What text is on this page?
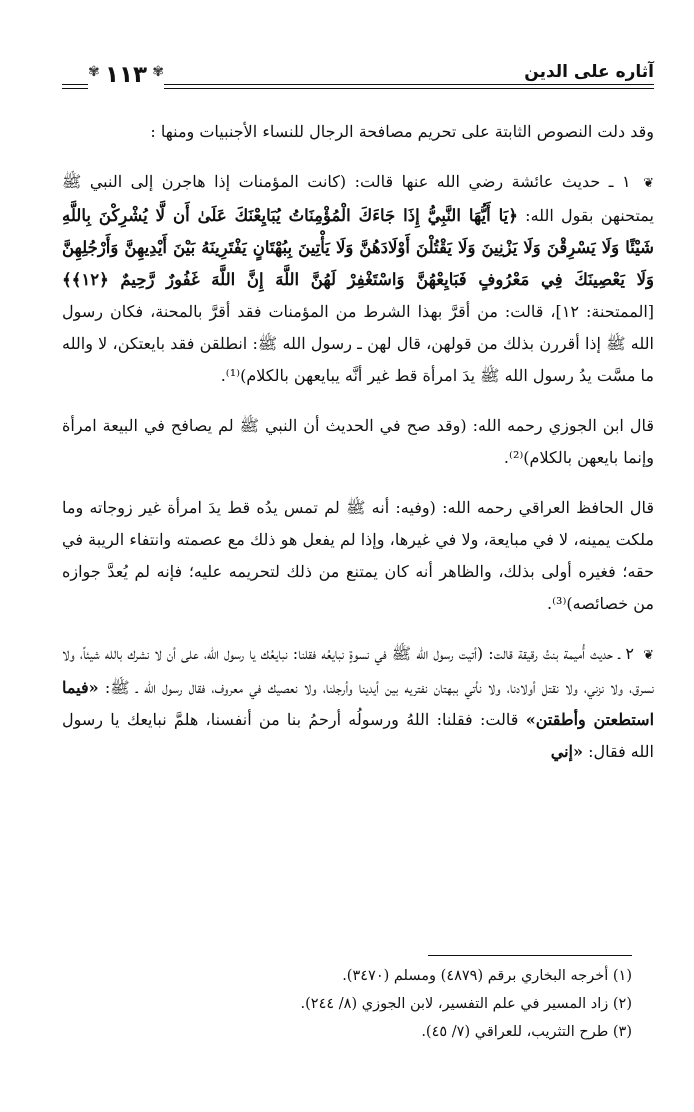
✾ ١١٣ ✾	آثاره على الدين

وقد دلت النصوص الثابتة على تحريم مصافحة الرجال للنساء الأجنبيات ومنها :

❦ ١ ـ حديث عائشة رضي الله عنها قالت: (كانت المؤمنات إذا هاجرن إلى النبي ﷺ يمتحنهن بقول الله: ﴿يَا أَيُّهَا النَّبِيُّ إِذَا جَاءَكَ الْمُؤْمِنَاتُ يُبَايِعْنَكَ عَلَىٰ أَن لَّا يُشْرِكْنَ بِاللَّهِ شَيْئًا وَلَا يَسْرِقْنَ وَلَا يَزْنِينَ وَلَا يَقْتُلْنَ أَوْلَادَهُنَّ وَلَا يَأْتِينَ بِبُهْتَانٍ يَفْتَرِينَهُ بَيْنَ أَيْدِيهِنَّ وَأَرْجُلِهِنَّ وَلَا يَعْصِينَكَ فِي مَعْرُوفٍ فَبَايِعْهُنَّ وَاسْتَغْفِرْ لَهُنَّ اللَّهَ إِنَّ اللَّهَ غَفُورٌ رَّحِيمٌ ﴿١٢﴾﴾ [الممتحنة: ١٢]، قالت: من أقرَّ بهذا الشرط من المؤمنات فقد أقرَّ بالمحنة، فكان رسول الله ﷺ إذا أقررن بذلك من قولهن، قال لهن ـ رسول الله ﷺ: انطلقن فقد بايعتكن، لا والله ما مسَّت يدُ رسول الله ﷺ يدَ امرأة قط غير أنَّه يبايعهن بالكلام)⁽¹⁾.

قال ابن الجوزي رحمه الله: (وقد صح في الحديث أن النبي ﷺ لم يصافح في البيعة امرأة وإنما بايعهن بالكلام)⁽²⁾.

قال الحافظ العراقي رحمه الله: (وفيه: أنه ﷺ لم تمس يدُه قط يدَ امرأة غير زوجاته وما ملكت يمينه، لا في مبايعة، ولا في غيرها، وإذا لم يفعل هو ذلك مع عصمته وانتفاء الريبة في حقه؛ فغيره أولى بذلك، والظاهر أنه كان يمتنع من ذلك لتحريمه عليه؛ فإنه لم يُعدَّ جوازه من خصائصه)⁽³⁾.

❦ ٢ ـ حديث أُميمة بنتُ رقيقة قالت: (أتيت رسول الله ﷺ في نسوةٍ نبايعُه فقلنا: نبايعُك يا رسول الله، على أن لا نشرك بالله شيئاً، ولا نسرق، ولا نزني، ولا نقتل أولادنا، ولا نأتي ببهتان نفتريه بين أيدينا وأرجلنا، ولا نعصيك في معروف، فقال رسول الله ـ ﷺ: «فيما استطعتن وأطقتن» قالت: فقلنا: اللهُ ورسولُه أرحمُ بنا من أنفسنا، هلمَّ نبايعك يا رسول الله فقال: «إني

(١) أخرجه البخاري برقم (٤٨٧٩) ومسلم (٣٤٧٠).
(٢) زاد المسير في علم التفسير، لابن الجوزي (٨/ ٢٤٤).
(٣) طرح التثريب، للعراقي (٧/ ٤٥).
